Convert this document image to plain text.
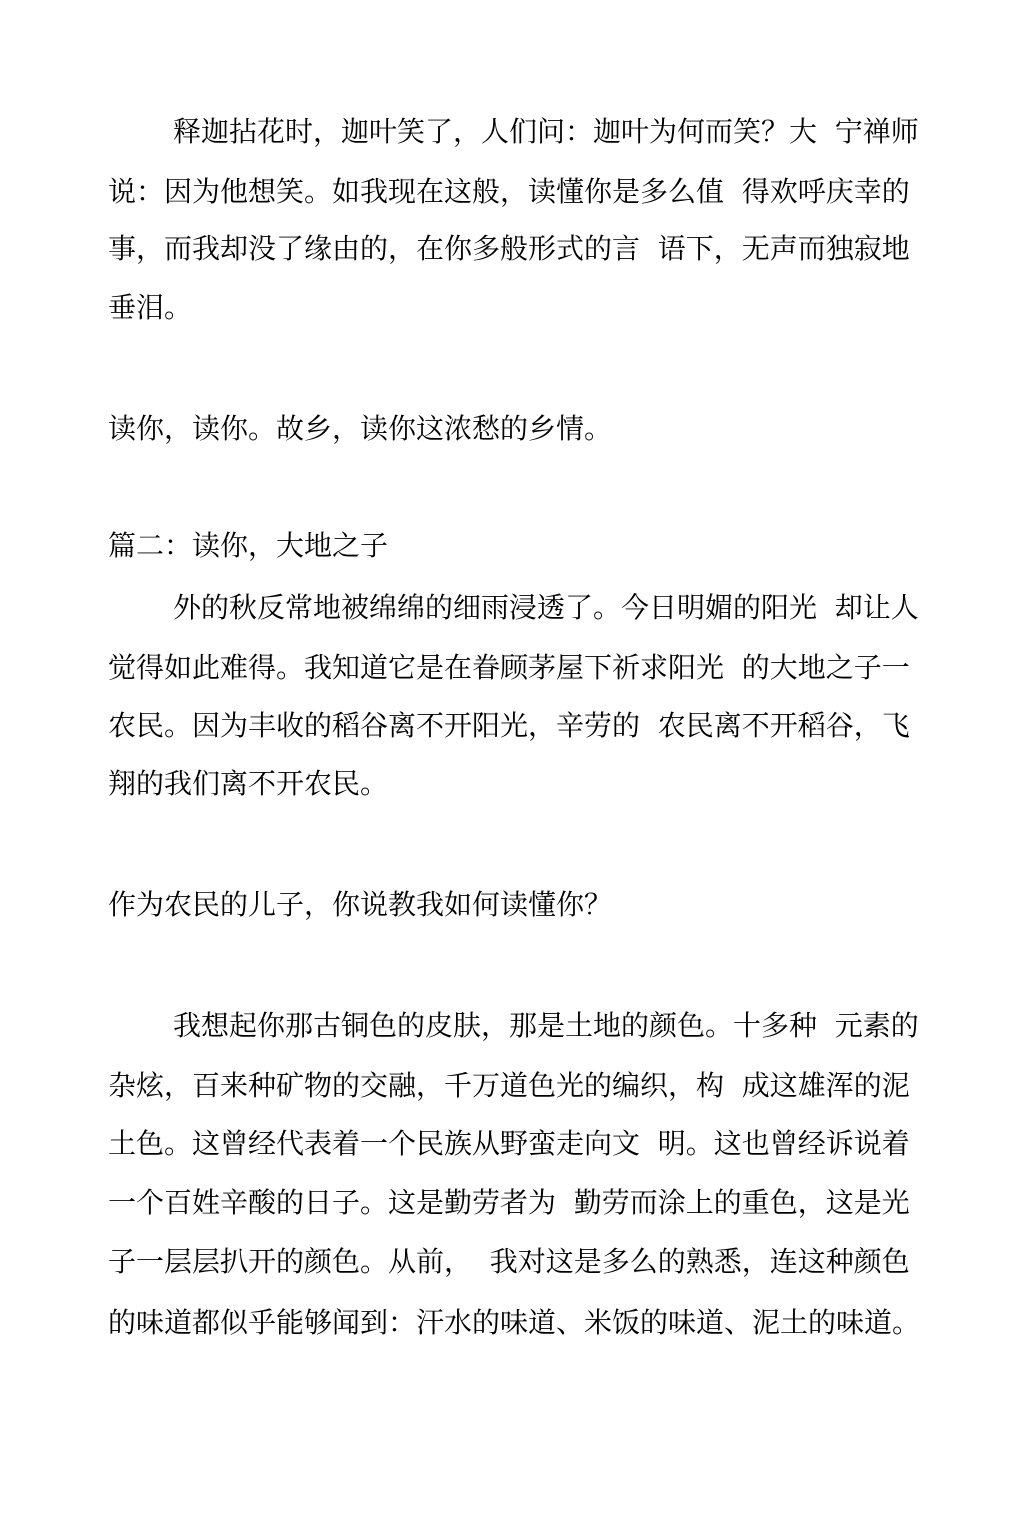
释迦拈花时，迦叶笑了，人们问：迦叶为何而笑？大  宁禅师
说：因为他想笑。如我现在这般，读懂你是多么值  得欢呼庆幸的
事，而我却没了缘由的，在你多般形式的言  语下，无声而独寂地
垂泪。
读你，读你。故乡，读你这浓愁的乡情。
篇二：读你，大地之子
外的秋反常地被绵绵的细雨浸透了。今日明媚的阳光  却让人
觉得如此难得。我知道它是在眷顾茅屋下祈求阳光  的大地之子一
农民。因为丰收的稻谷离不开阳光，辛劳的  农民离不开稻谷，飞
翔的我们离不开农民。
作为农民的儿子，你说教我如何读懂你？
我想起你那古铜色的皮肤，那是土地的颜色。十多种  元素的
杂炫，百来种矿物的交融，千万道色光的编织，构  成这雄浑的泥
土色。这曾经代表着一个民族从野蛮走向文  明。这也曾经诉说着
一个百姓辛酸的日子。这是勤劳者为  勤劳而涂上的重色，这是光
子一层层扒开的颜色。从前，  我对这是多么的熟悉，连这种颜色
的味道都似乎能够闻到：汗水的味道、米饭的味道、泥土的味道。
